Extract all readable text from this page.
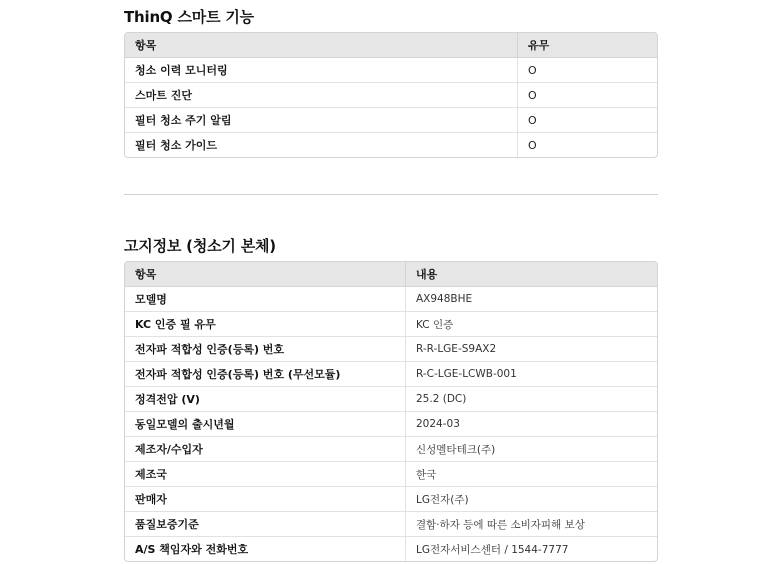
ThinQ 스마트 기능
항목	유무
청소 이력 모니터링	O
스마트 진단	O
필터 청소 주기 알림	O
필터 청소 가이드	O
고지정보 (청소기 본체)
항목	내용
모델명	AX948BHE
KC 인증 필 유무	KC 인증
전자파 적합성 인증(등록) 번호	R-R-LGE-S9AX2
전자파 적합성 인증(등록) 번호 (무선모듈)	R-C-LGE-LCWB-001
정격전압 (V)	25.2 (DC)
동일모델의 출시년월	2024-03
제조자/수입자	신성멜타테크(주)
제조국	한국
판매자	LG전자(주)
품질보증기준	결함·하자 등에 따른 소비자피해 보상
A/S 책임자와 전화번호	LG전자서비스센터 / 1544-7777
